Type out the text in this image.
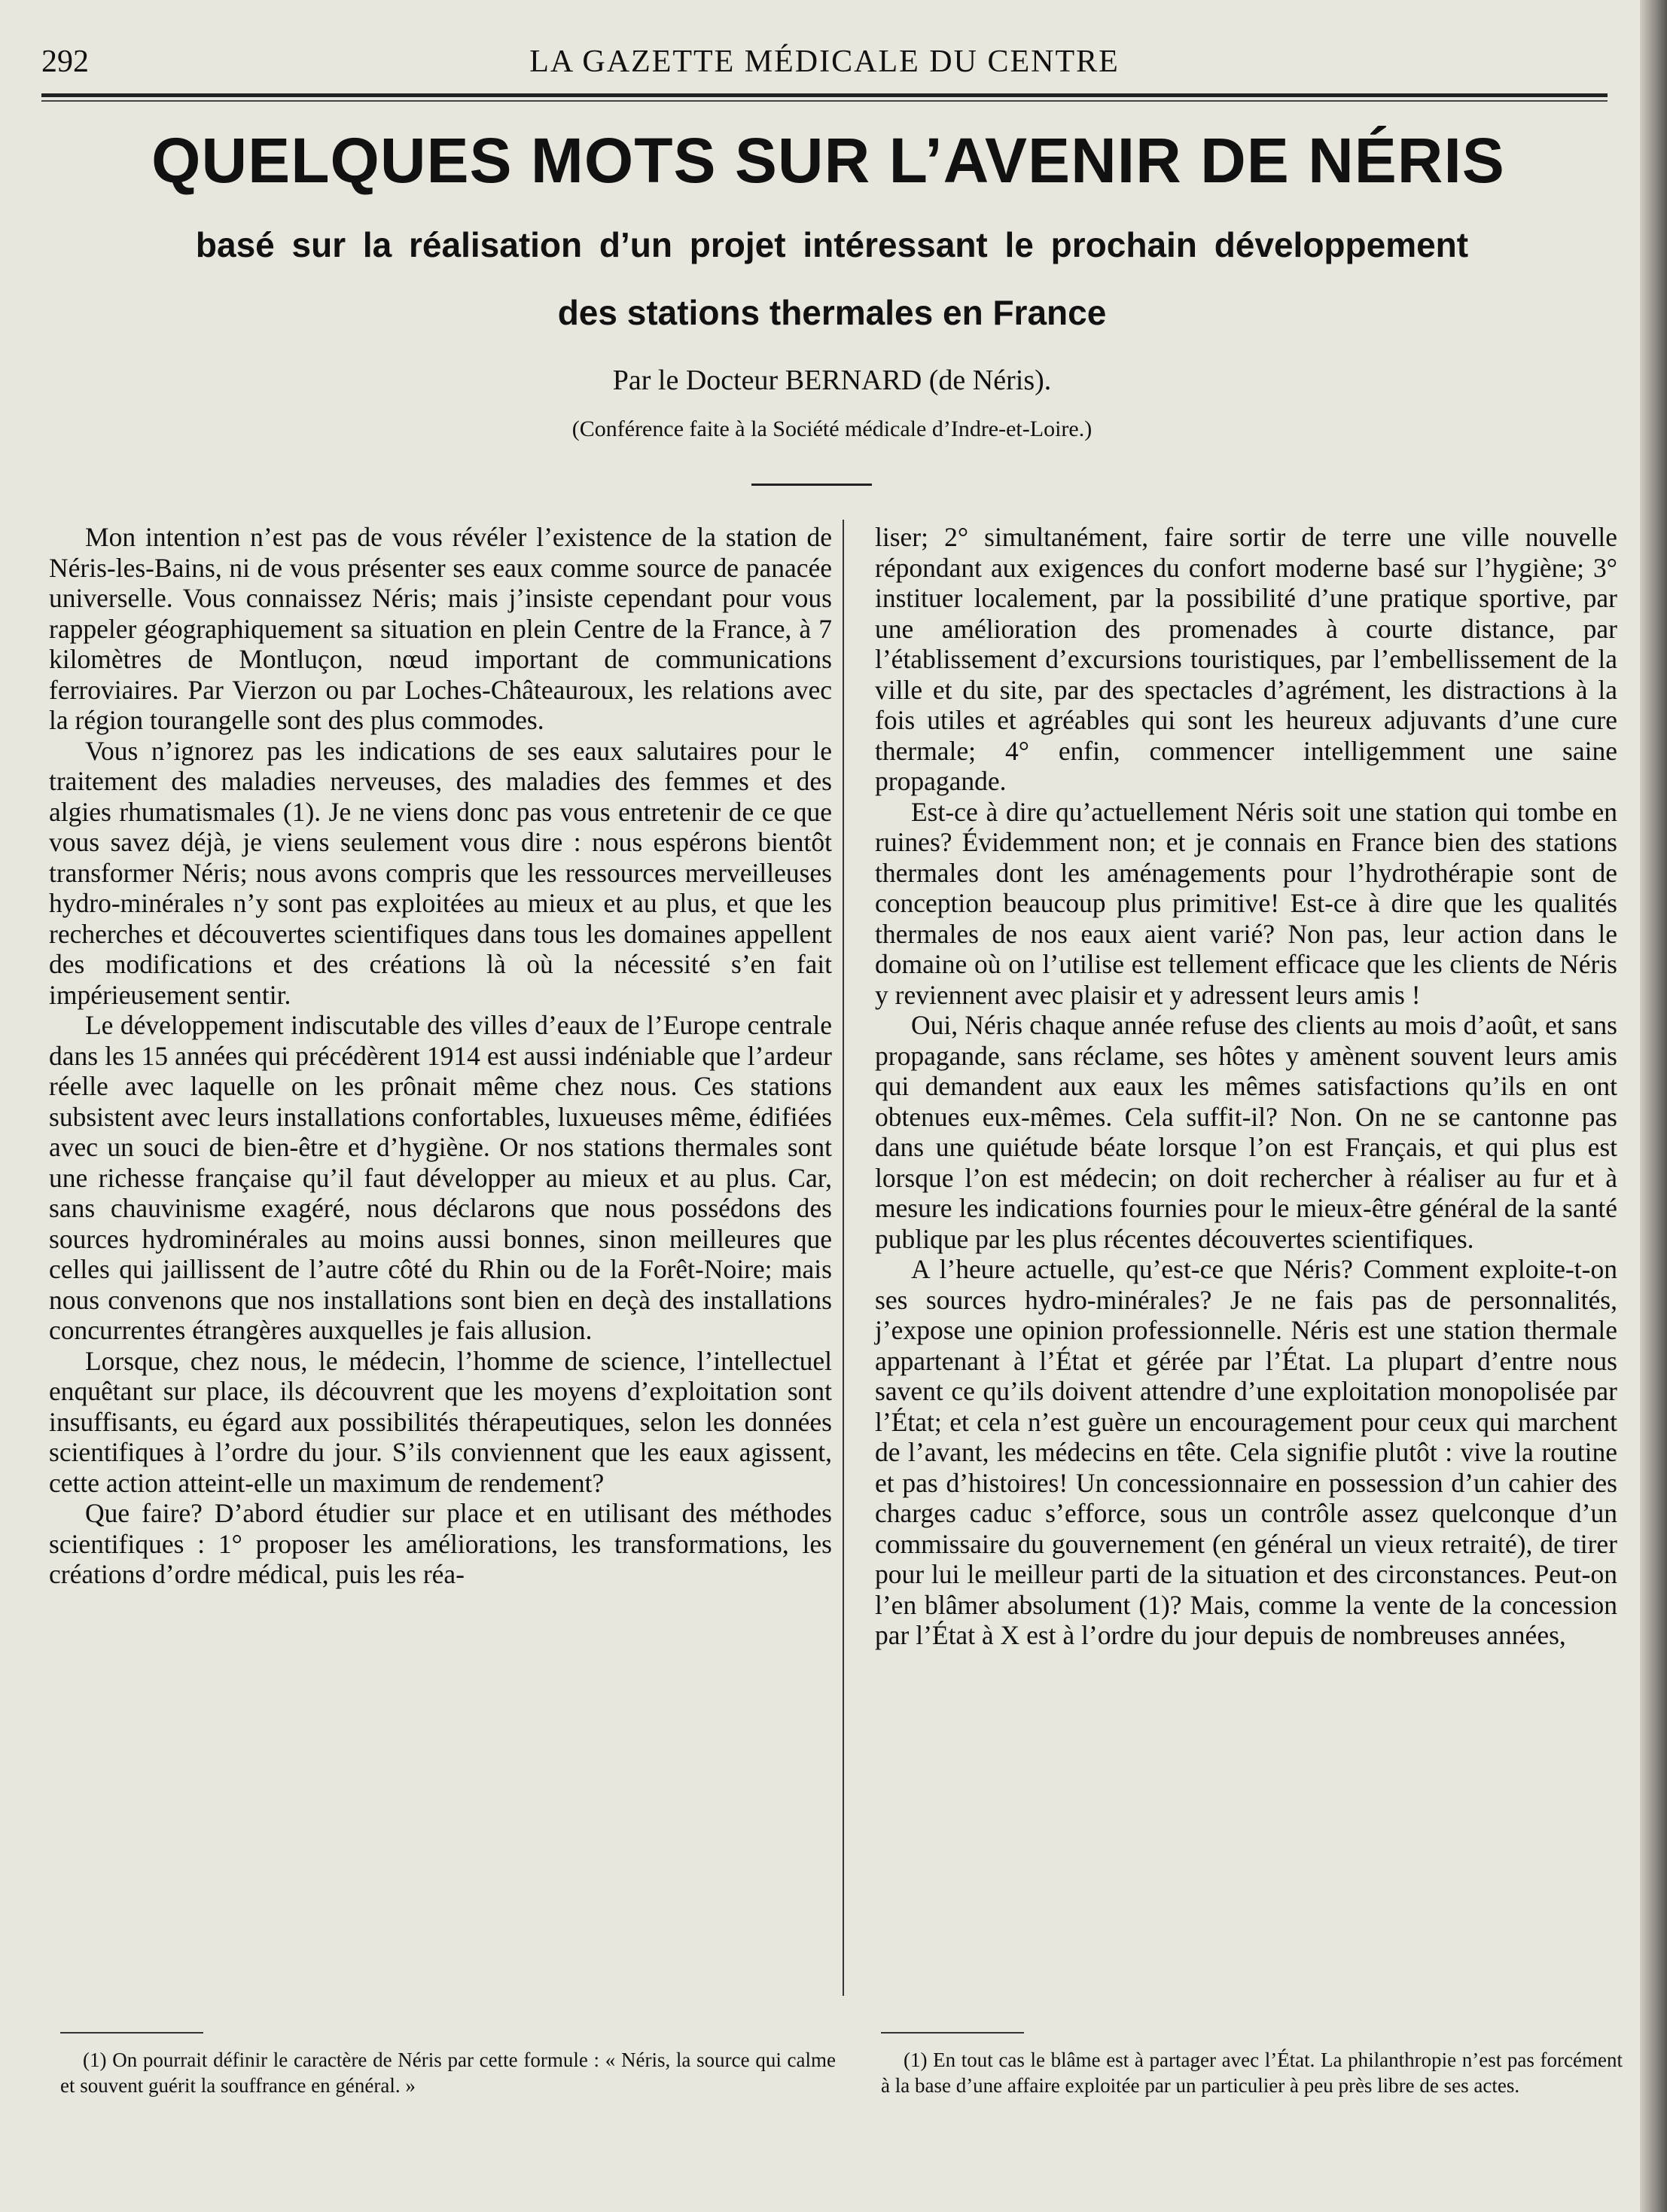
292	LA GAZETTE MÉDICALE DU CENTRE
QUELQUES MOTS SUR L’AVENIR DE NÉRIS
basé sur la réalisation d’un projet intéressant le prochain développement
des stations thermales en France
Par le Docteur BERNARD (de Néris).
(Conférence faite à la Société médicale d’Indre-et-Loire.)

Mon intention n’est pas de vous révéler l’existence de la station de Néris-les-Bains, ni de vous présenter ses eaux comme source de panacée universelle. Vous connaissez Néris; mais j’insiste cependant pour vous rappeler géographiquement sa situation en plein Centre de la France, à 7 kilomètres de Montluçon, nœud important de communications ferroviaires. Par Vierzon ou par Loches-Châteauroux, les relations avec la région tourangelle sont des plus commodes.

Vous n’ignorez pas les indications de ses eaux salutaires pour le traitement des maladies nerveuses, des maladies des femmes et des algies rhumatismales (1). Je ne viens donc pas vous entretenir de ce que vous savez déjà, je viens seulement vous dire : nous espérons bientôt transformer Néris; nous avons compris que les ressources merveilleuses hydro-minérales n’y sont pas exploitées au mieux et au plus, et que les recherches et découvertes scientifiques dans tous les domaines appellent des modifications et des créations là où la nécessité s’en fait impérieusement sentir.

Le développement indiscutable des villes d’eaux de l’Europe centrale dans les 15 années qui précédèrent 1914 est aussi indéniable que l’ardeur réelle avec laquelle on les prônait même chez nous. Ces stations subsistent avec leurs installations confortables, luxueuses même, édifiées avec un souci de bien-être et d’hygiène. Or nos stations thermales sont une richesse française qu’il faut développer au mieux et au plus. Car, sans chauvinisme exagéré, nous déclarons que nous possédons des sources hydrominérales au moins aussi bonnes, sinon meilleures que celles qui jaillissent de l’autre côté du Rhin ou de la Forêt-Noire; mais nous convenons que nos installations sont bien en deçà des installations concurrentes étrangères auxquelles je fais allusion.

Lorsque, chez nous, le médecin, l’homme de science, l’intellectuel enquêtant sur place, ils découvrent que les moyens d’exploitation sont insuffisants, eu égard aux possibilités thérapeutiques, selon les données scientifiques à l’ordre du jour. S’ils conviennent que les eaux agissent, cette action atteint-elle un maximum de rendement?

Que faire? D’abord étudier sur place et en utilisant des méthodes scientifiques : 1° proposer les améliorations, les transformations, les créations d’ordre médical, puis les réa-

liser; 2° simultanément, faire sortir de terre une ville nouvelle répondant aux exigences du confort moderne basé sur l’hygiène; 3° instituer localement, par la possibilité d’une pratique sportive, par une amélioration des promenades à courte distance, par l’établissement d’excursions touristiques, par l’embellissement de la ville et du site, par des spectacles d’agrément, les distractions à la fois utiles et agréables qui sont les heureux adjuvants d’une cure thermale; 4° enfin, commencer intelligemment une saine propagande.

Est-ce à dire qu’actuellement Néris soit une station qui tombe en ruines? Évidemment non; et je connais en France bien des stations thermales dont les aménagements pour l’hydrothérapie sont de conception beaucoup plus primitive! Est-ce à dire que les qualités thermales de nos eaux aient varié? Non pas, leur action dans le domaine où on l’utilise est tellement efficace que les clients de Néris y reviennent avec plaisir et y adressent leurs amis !

Oui, Néris chaque année refuse des clients au mois d’août, et sans propagande, sans réclame, ses hôtes y amènent souvent leurs amis qui demandent aux eaux les mêmes satisfactions qu’ils en ont obtenues eux-mêmes. Cela suffit-il? Non. On ne se cantonne pas dans une quiétude béate lorsque l’on est Français, et qui plus est lorsque l’on est médecin; on doit rechercher à réaliser au fur et à mesure les indications fournies pour le mieux-être général de la santé publique par les plus récentes découvertes scientifiques.

A l’heure actuelle, qu’est-ce que Néris? Comment exploite-t-on ses sources hydro-minérales? Je ne fais pas de personnalités, j’expose une opinion professionnelle. Néris est une station thermale appartenant à l’État et gérée par l’État. La plupart d’entre nous savent ce qu’ils doivent attendre d’une exploitation monopolisée par l’État; et cela n’est guère un encouragement pour ceux qui marchent de l’avant, les médecins en tête. Cela signifie plutôt : vive la routine et pas d’histoires! Un concessionnaire en possession d’un cahier des charges caduc s’efforce, sous un contrôle assez quelconque d’un commissaire du gouvernement (en général un vieux retraité), de tirer pour lui le meilleur parti de la situation et des circonstances. Peut-on l’en blâmer absolument (1)? Mais, comme la vente de la concession par l’État à X est à l’ordre du jour depuis de nombreuses années,

(1) On pourrait définir le caractère de Néris par cette formule : « Néris, la source qui calme et souvent guérit la souffrance en général. »

(1) En tout cas le blâme est à partager avec l’État. La philanthropie n’est pas forcément à la base d’une affaire exploitée par un particulier à peu près libre de ses actes.
